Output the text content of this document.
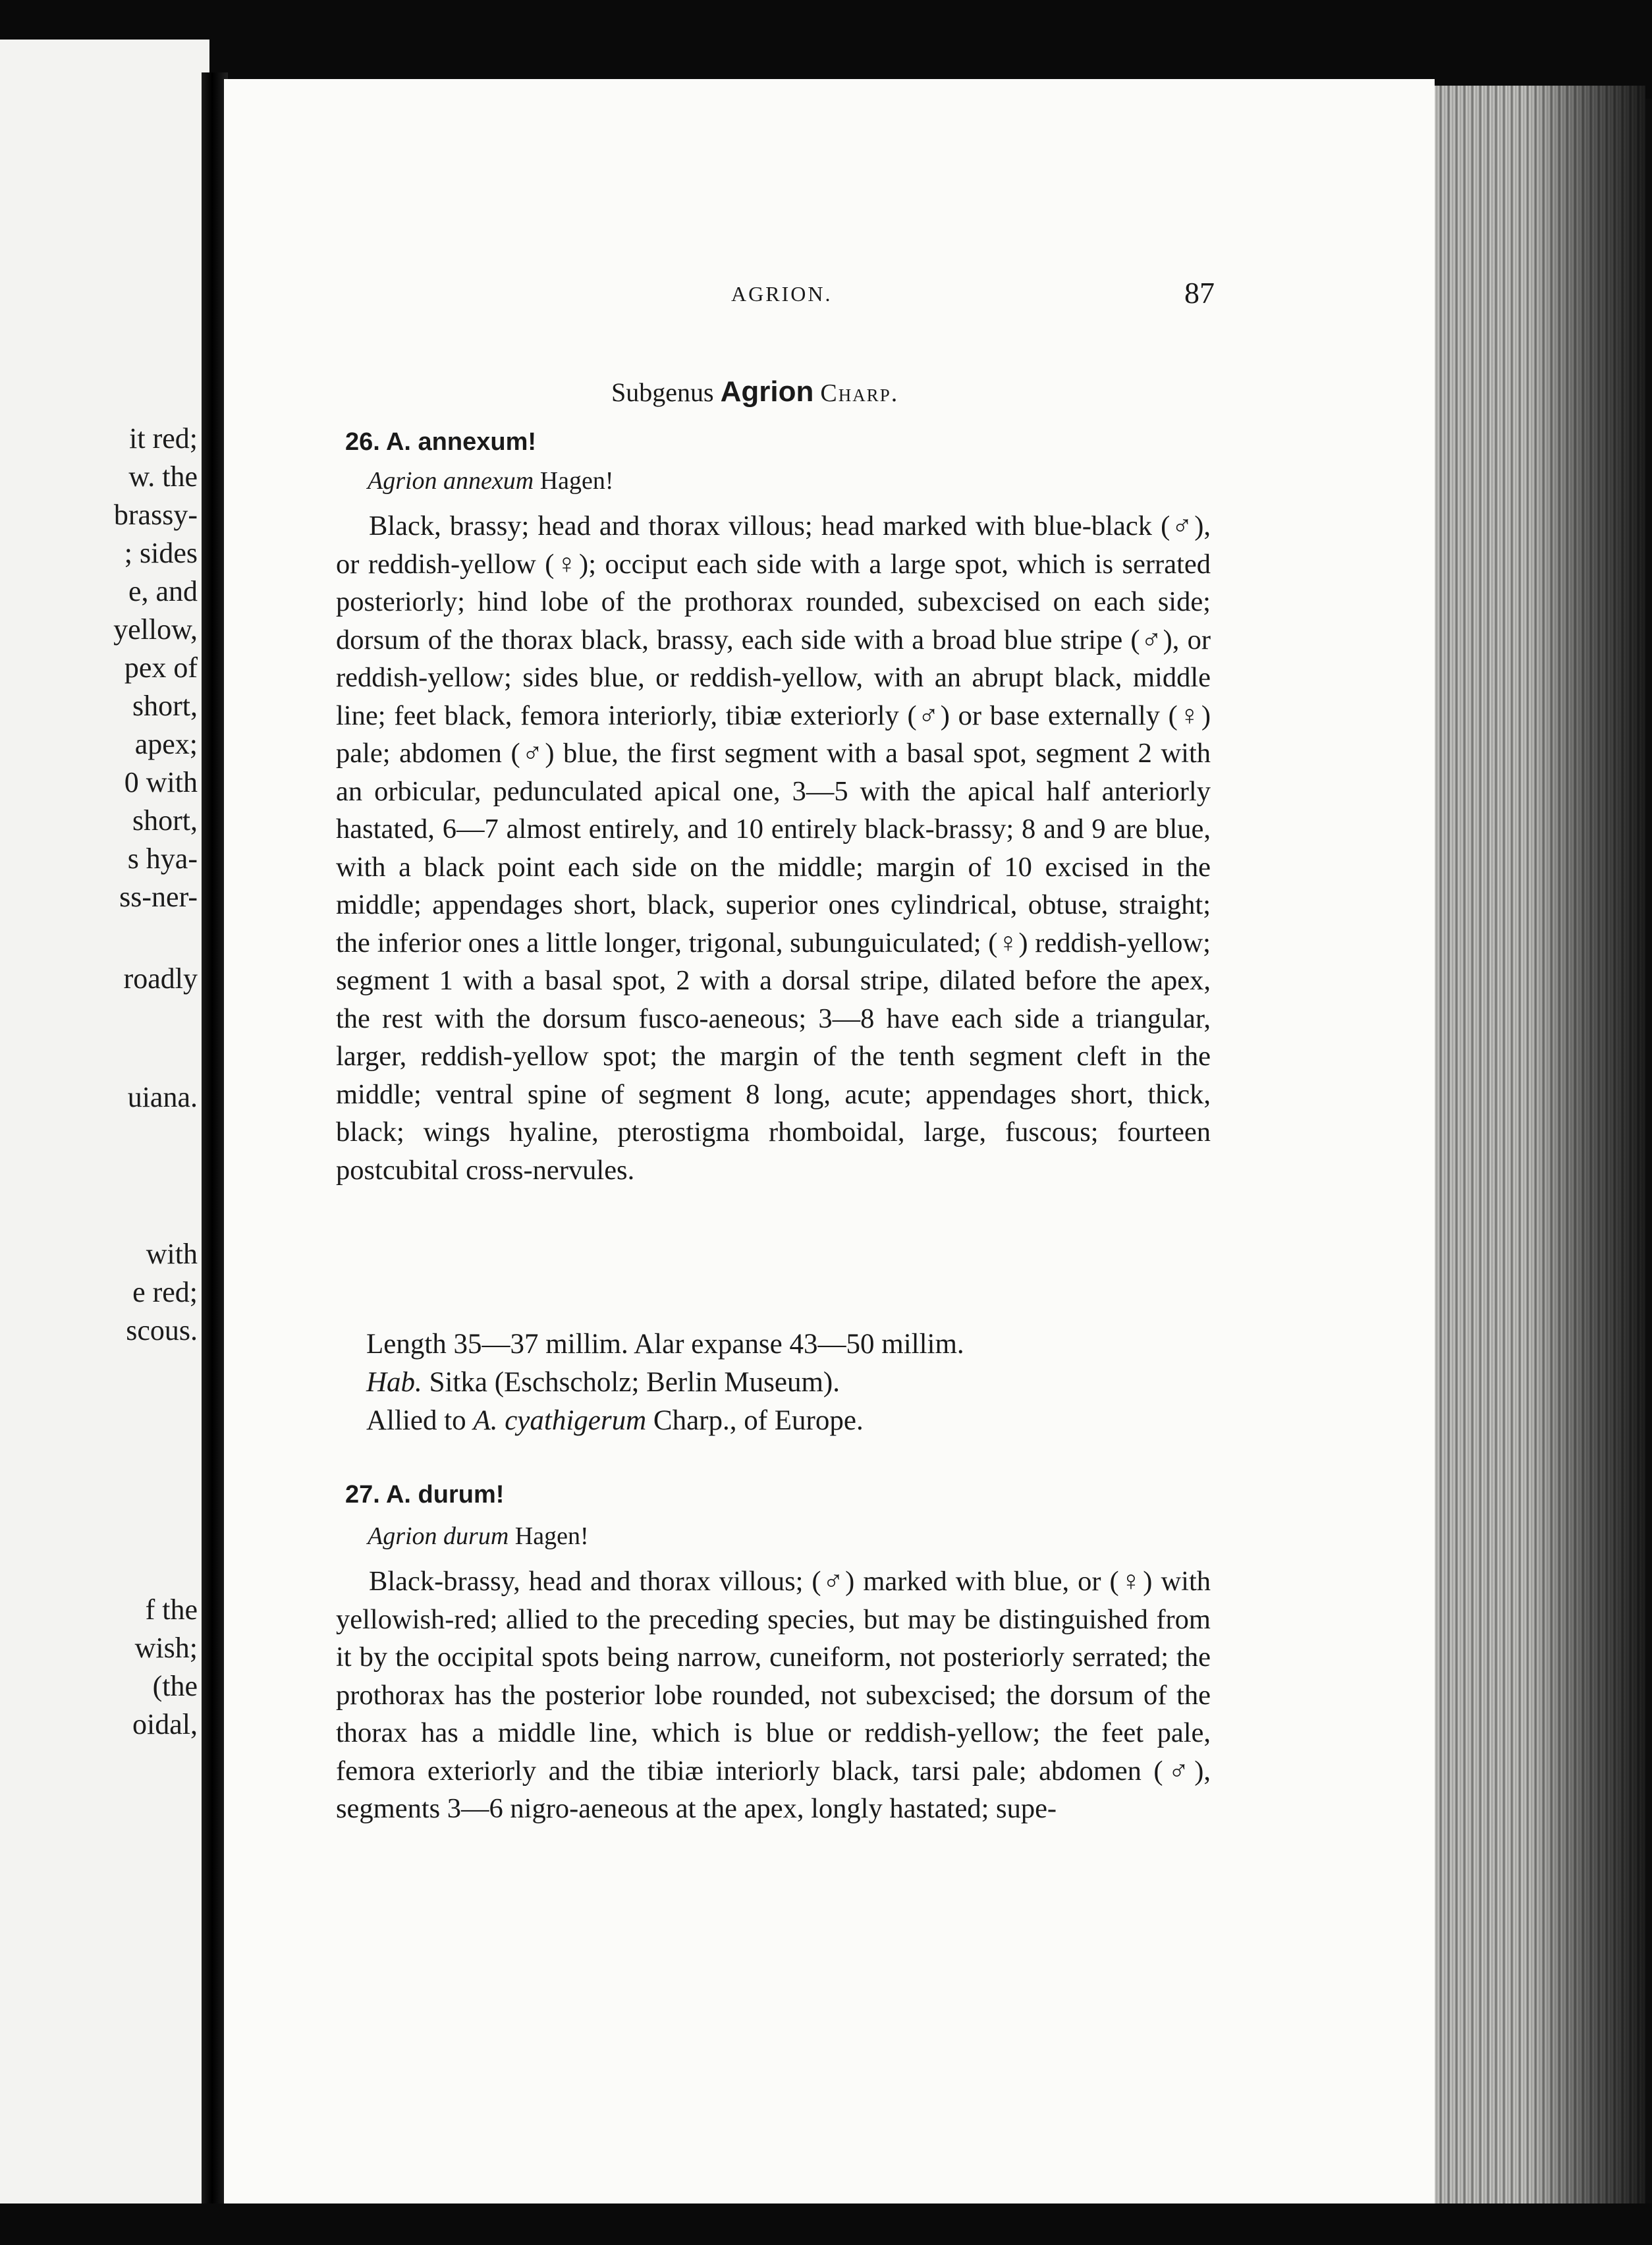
it red;
w. the
brassy-
; sides
e, and
yellow,
pex of
short,
apex;
0 with
short,
s hya-
ss-ner-
roadly
uiana.
with
e red;
scous.
f the
wish;
(the
oidal,
AGRION.	87
Subgenus Agrion Charp.
26. A. annexum!
Agrion annexum Hagen!

Black, brassy; head and thorax villous; head marked with blue-black (♂), or reddish-yellow (♀); occiput each side with a large spot, which is serrated posteriorly; hind lobe of the prothorax rounded, subexcised on each side; dorsum of the thorax black, brassy, each side with a broad blue stripe (♂), or reddish-yellow; sides blue, or reddish-yellow, with an abrupt black, middle line; feet black, femora interiorly, tibiæ exteriorly (♂) or base externally (♀) pale; abdomen (♂) blue, the first segment with a basal spot, segment 2 with an orbicular, pedunculated apical one, 3—5 with the apical half anteriorly hastated, 6—7 almost entirely, and 10 entirely black-brassy; 8 and 9 are blue, with a black point each side on the middle; margin of 10 excised in the middle; appendages short, black, superior ones cylindrical, obtuse, straight; the inferior ones a little longer, trigonal, subunguiculated; (♀) reddish-yellow; segment 1 with a basal spot, 2 with a dorsal stripe, dilated before the apex, the rest with the dorsum fusco-aeneous; 3—8 have each side a triangular, larger, reddish-yellow spot; the margin of the tenth segment cleft in the middle; ventral spine of segment 8 long, acute; appendages short, thick, black; wings hyaline, pterostigma rhomboidal, large, fuscous; fourteen postcubital cross-nervules.

Length 35—37 millim. Alar expanse 43—50 millim.
Hab. Sitka (Eschscholz; Berlin Museum).
Allied to A. cyathigerum Charp., of Europe.
27. A. durum!
Agrion durum Hagen!

Black-brassy, head and thorax villous; (♂) marked with blue, or (♀) with yellowish-red; allied to the preceding species, but may be distinguished from it by the occipital spots being narrow, cuneiform, not posteriorly serrated; the prothorax has the posterior lobe rounded, not subexcised; the dorsum of the thorax has a middle line, which is blue or reddish-yellow; the feet pale, femora exteriorly and the tibiæ interiorly black, tarsi pale; abdomen (♂), segments 3—6 nigro-aeneous at the apex, longly hastated; supe-
